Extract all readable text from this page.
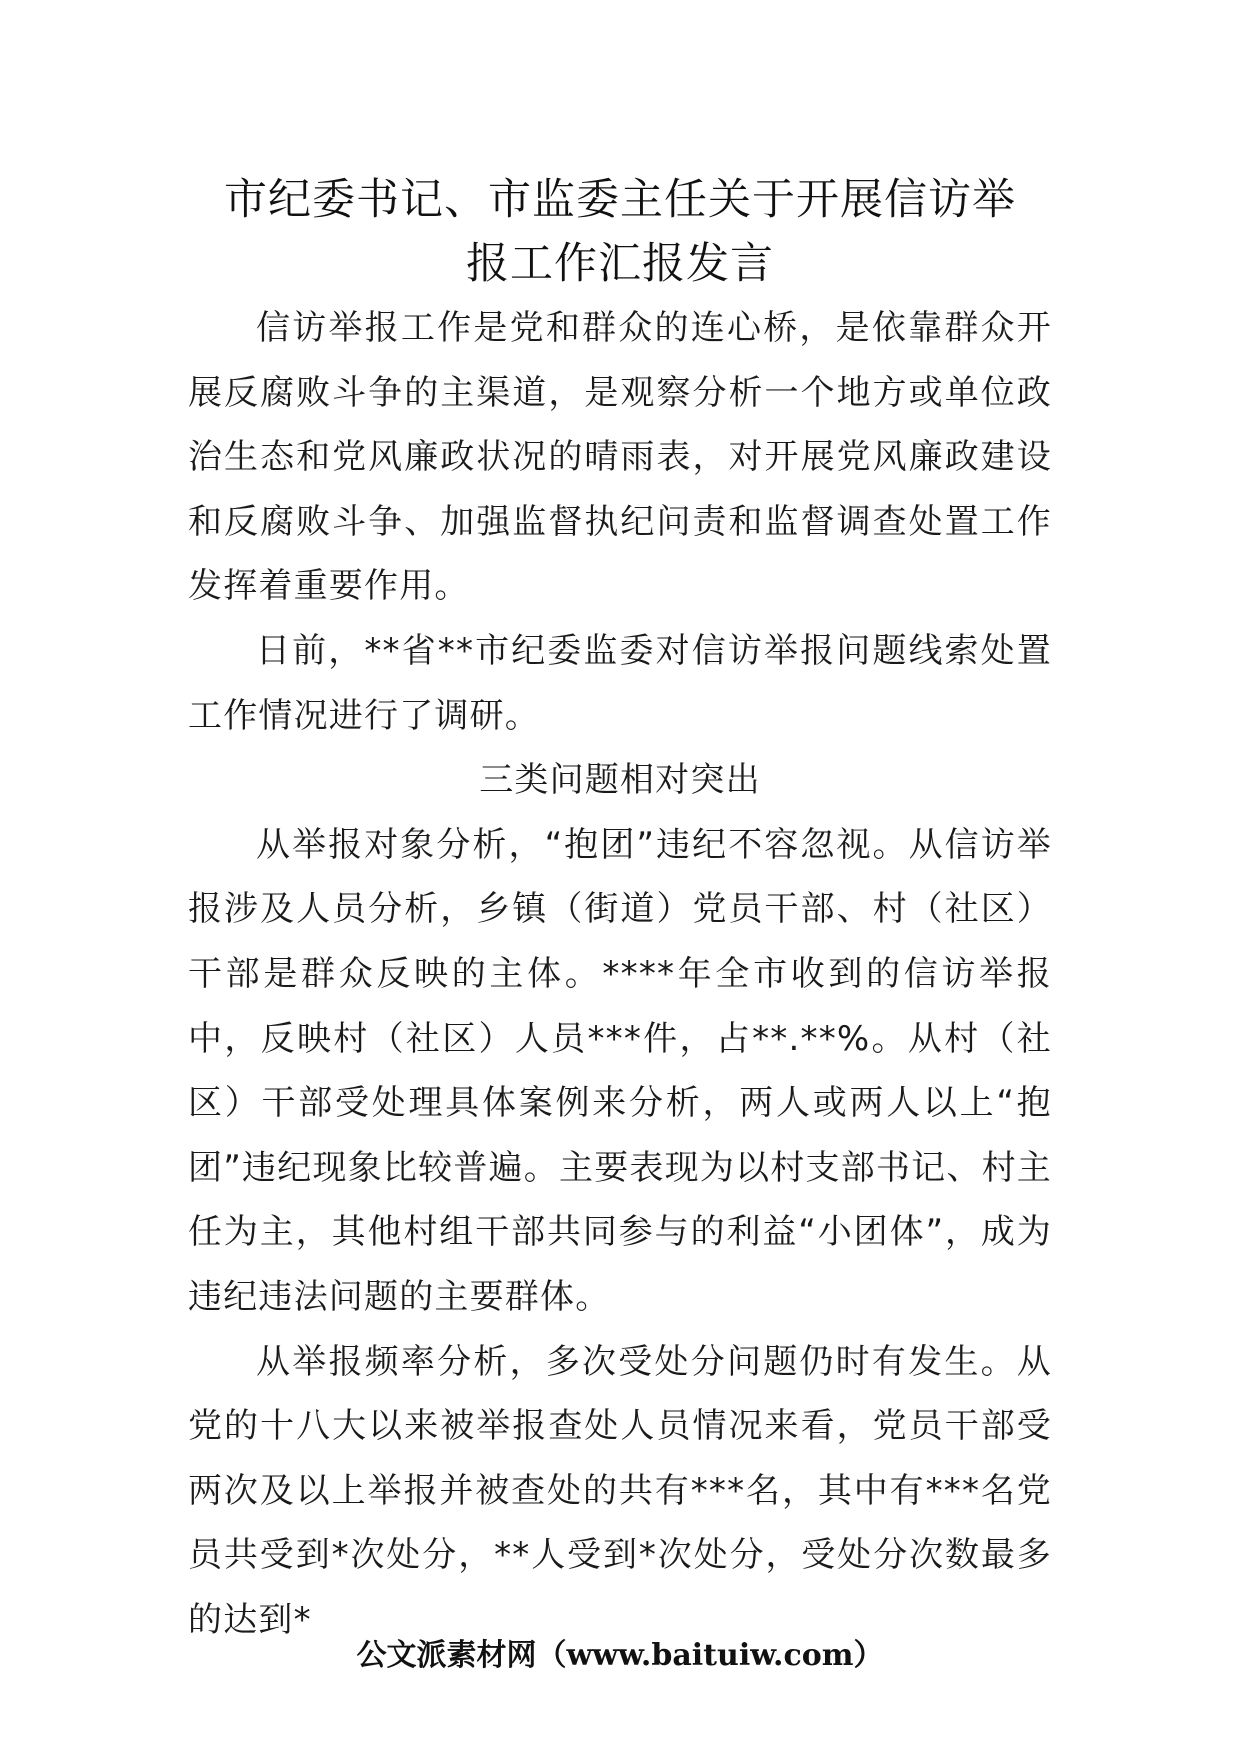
市纪委书记、市监委主任关于开展信访举
报工作汇报发言

信访举报工作是党和群众的连心桥，是依靠群众开展反腐败斗争的主渠道，是观察分析一个地方或单位政治生态和党风廉政状况的晴雨表，对开展党风廉政建设和反腐败斗争、加强监督执纪问责和监督调查处置工作发挥着重要作用。

日前，**省**市纪委监委对信访举报问题线索处置工作情况进行了调研。

三类问题相对突出

从举报对象分析，“抱团”违纪不容忽视。从信访举报涉及人员分析，乡镇（街道）党员干部、村（社区）干部是群众反映的主体。****年全市收到的信访举报中，反映村（社区）人员***件，占**.**%。从村（社区）干部受处理具体案例来分析，两人或两人以上“抱团”违纪现象比较普遍。主要表现为以村支部书记、村主任为主，其他村组干部共同参与的利益“小团体”，成为违纪违法问题的主要群体。

从举报频率分析，多次受处分问题仍时有发生。从党的十八大以来被举报查处人员情况来看，党员干部受两次及以上举报并被查处的共有***名，其中有***名党员共受到*次处分，**人受到*次处分，受处分次数最多的达到*

公文派素材网（www.baituiw.com）
